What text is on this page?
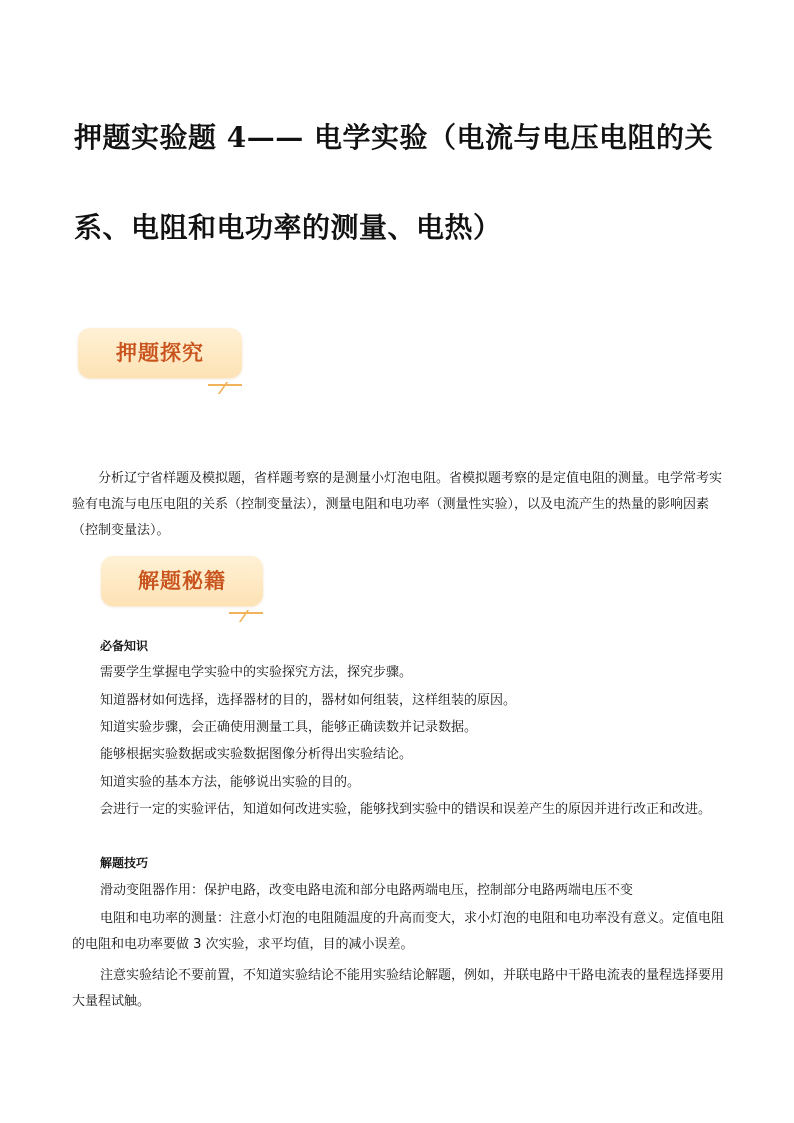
押题实验题 4—— 电学实验（电流与电压电阻的关
系、电阻和电功率的测量、电热）
押题探究

分析辽宁省样题及模拟题，省样题考察的是测量小灯泡电阻。省模拟题考察的是定值电阻的测量。电学常考实验有电流与电压电阻的关系（控制变量法），测量电阻和电功率（测量性实验），以及电流产生的热量的影响因素（控制变量法）。

解题秘籍

必备知识

需要学生掌握电学实验中的实验探究方法，探究步骤。

知道器材如何选择，选择器材的目的，器材如何组装，这样组装的原因。

知道实验步骤，会正确使用测量工具，能够正确读数并记录数据。

能够根据实验数据或实验数据图像分析得出实验结论。

知道实验的基本方法，能够说出实验的目的。

会进行一定的实验评估，知道如何改进实验，能够找到实验中的错误和误差产生的原因并进行改正和改进。

解题技巧

滑动变阻器作用：保护电路，改变电路电流和部分电路两端电压，控制部分电路两端电压不变

电阻和电功率的测量：注意小灯泡的电阻随温度的升高而变大，求小灯泡的电阻和电功率没有意义。定值电阻的电阻和电功率要做 3 次实验，求平均值，目的减小误差。

注意实验结论不要前置，不知道实验结论不能用实验结论解题，例如，并联电路中干路电流表的量程选择要用大量程试触。
